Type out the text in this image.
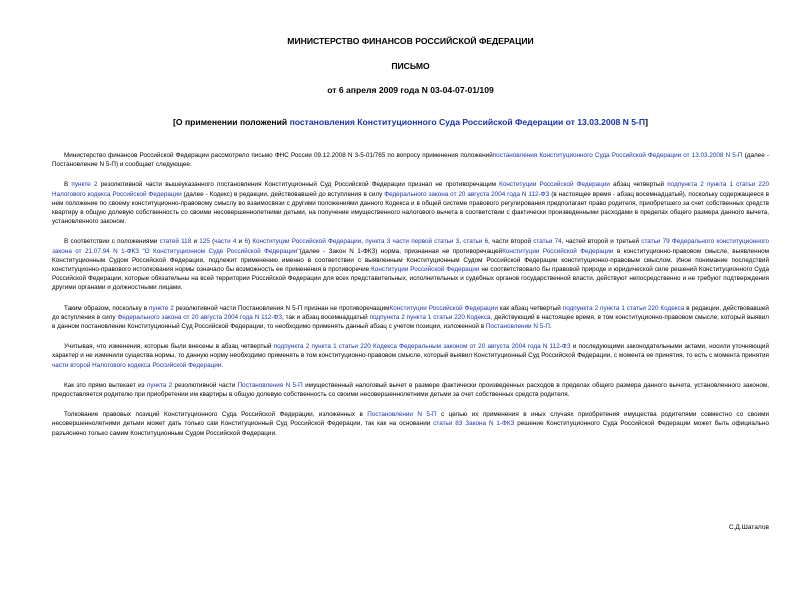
МИНИСТЕРСТВО ФИНАНСОВ РОССИЙСКОЙ ФЕДЕРАЦИИ
ПИСЬМО
от 6 апреля 2009 года N 03-04-07-01/109
[О применении положений постановления Конституционного Суда Российской Федерации от 13.03.2008 N 5-П]

Министерство финансов Российской Федерации рассмотрело письмо ФНС России 09.12.2008 N 3-5-01/765 по вопросу применения положенийпостановления Конституционного Суда Российской Федерации от 13.03.2008 N 5-П (далее - Постановление N 5-П) и сообщает следующее.

В пункте 2 резолютивной части вышеуказанного постановления Конституционный Суд Российской Федерации признал не противоречащим Конституции Российской Федерации абзац четвертый подпункта 2 пункта 1 статьи 220 Налогового кодекса Российской Федерации (далее - Кодекс) в редакции, действовавшей до вступления в силу Федерального закона от 20 августа 2004 года N 112-ФЗ (в настоящее время - абзац восемнадцатый), поскольку содержащееся в нем положение по своему конституционно-правовому смыслу во взаимосвязи с другими положениями данного Кодекса и в общей системе правового регулирования предполагает право родителя, приобретшего за счет собственных средств квартиру в общую долевую собственность со своими несовершеннолетними детьми, на получение имущественного налогового вычета в соответствии с фактически произведенными расходами в пределах общего размера данного вычета, установленного законом.

В соответствии с положениями статей 118 и 125 (части 4 и 6) Конституции Российской Федерации, пункта 3 части первой статьи 3, статьи 6, части второй статьи 74, частей второй и третьей статьи 79 Федерального конституционного закона от 21.07.94 N 1-ФКЗ "О Конституционном Суде Российской Федерации"(далее - Закон N 1-ФКЗ) норма, признанная не противоречащейКонституции Российской Федерации в конституционно-правовом смысле, выявленном Конституционным Судом Российской Федерации, подлежит применению именно в соответствии с выявленным Конституционным Судом Российской Федерации конституционно-правовым смыслом. Иное понимание последствий конституционно-правового истолкования нормы означало бы возможность ее применения в противоречие Конституции Российской Федерации не соответствовало бы правовой природе и юридической силе решений Конституционного Суда Российской Федерации, которые обязательны на всей территории Российской Федерации для всех представительных, исполнительных и судебных органов государственной власти, действуют непосредственно и не требуют подтверждения другими органами и должностными лицами.

Таким образом, поскольку в пункте 2 резолютивной части Постановления N 5-П признан не противоречащимКонституции Российской Федерации как абзац четвертый подпункта 2 пункта 1 статьи 220 Кодекса в редакции, действовавшей до вступления в силу Федерального закона от 20 августа 2004 года N 112-ФЗ, так и абзац восемнадцатый подпункта 2 пункта 1 статьи 220 Кодекса, действующий в настоящее время, в том конституционно-правовом смысле, который выявил в данном постановлении Конституционный Суд Российской Федерации, то необходимо применять данный абзац с учетом позиции, изложенной в Постановлении N 5-П.

Учитывая, что изменения, которые были внесены в абзац четвертый подпункта 2 пункта 1 статьи 220 Кодекса Федеральным законом от 20 августа 2004 года N 112-ФЗ и последующими законодательными актами, носили уточняющий характер и не изменили существа нормы, то данную норму необходимо применять в том конституционно-правовом смысле, который выявил Конституционный Суд Российской Федерации, с момента ее принятия, то есть с момента принятия части второй Налогового кодекса Российской Федерации.

Как это прямо вытекает из пункта 2 резолютивной части Постановления N 5-П имущественный налоговый вычет в размере фактически произведенных расходов в пределах общего размера данного вычета, установленного законом, предоставляется родителю при приобретении им квартиры в общую долевую собственность со своими несовершеннолетними детьми за счет собственных средств родителя.

Толкование правовых позиций Конституционного Суда Российской Федерации, изложенных в Постановлении N 5-П с целью их применения в иных случаях приобретения имущества родителями совместно со своими несовершеннолетними детьми может дать только сам Конституционный Суд Российской Федерации, так как на основании статьи 83 Закона N 1-ФКЗ решение Конституционного Суда Российской Федерации может быть официально разъяснено только самим Конституционным Судом Российской Федерации.

С.Д.Шаталов
